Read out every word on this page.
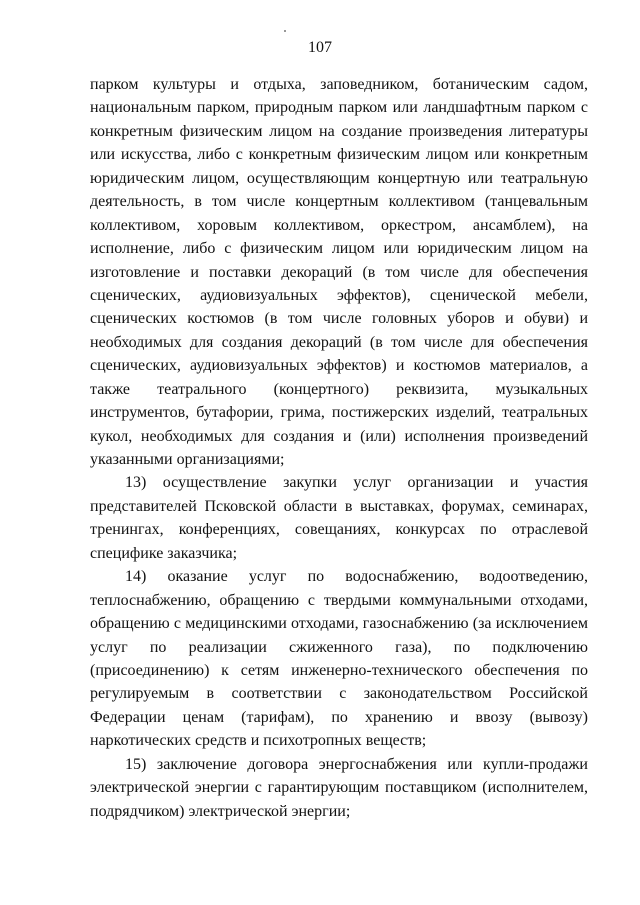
107
парком культуры и отдыха, заповедником, ботаническим садом,
национальным парком, природным парком или ландшафтным парком с
конкретным физическим лицом на создание произведения литературы
или искусства, либо с конкретным физическим лицом или конкретным
юридическим лицом, осуществляющим концертную или театральную
деятельность, в том числе концертным коллективом (танцевальным
коллективом, хоровым коллективом, оркестром, ансамблем), на
исполнение, либо с физическим лицом или юридическим лицом на
изготовление и поставки декораций (в том числе для обеспечения
сценических, аудиовизуальных эффектов), сценической мебели,
сценических костюмов (в том числе головных уборов и обуви) и
необходимых для создания декораций (в том числе для обеспечения
сценических, аудиовизуальных эффектов) и костюмов материалов, а
также театрального (концертного) реквизита, музыкальных
инструментов, бутафории, грима, постижерских изделий, театральных
кукол, необходимых для создания и (или) исполнения произведений
указанными организациями;
13) осуществление закупки услуг организации и участия
представителей Псковской области в выставках, форумах, семинарах,
тренингах, конференциях, совещаниях, конкурсах по отраслевой
специфике заказчика;
14) оказание услуг по водоснабжению, водоотведению,
теплоснабжению, обращению с твердыми коммунальными отходами,
обращению с медицинскими отходами, газоснабжению (за исключением
услуг по реализации сжиженного газа), по подключению
(присоединению) к сетям инженерно-технического обеспечения по
регулируемым в соответствии с законодательством Российской
Федерации ценам (тарифам), по хранению и ввозу (вывозу)
наркотических средств и психотропных веществ;
15) заключение договора энергоснабжения или купли-продажи
электрической энергии с гарантирующим поставщиком (исполнителем,
подрядчиком) электрической энергии;
